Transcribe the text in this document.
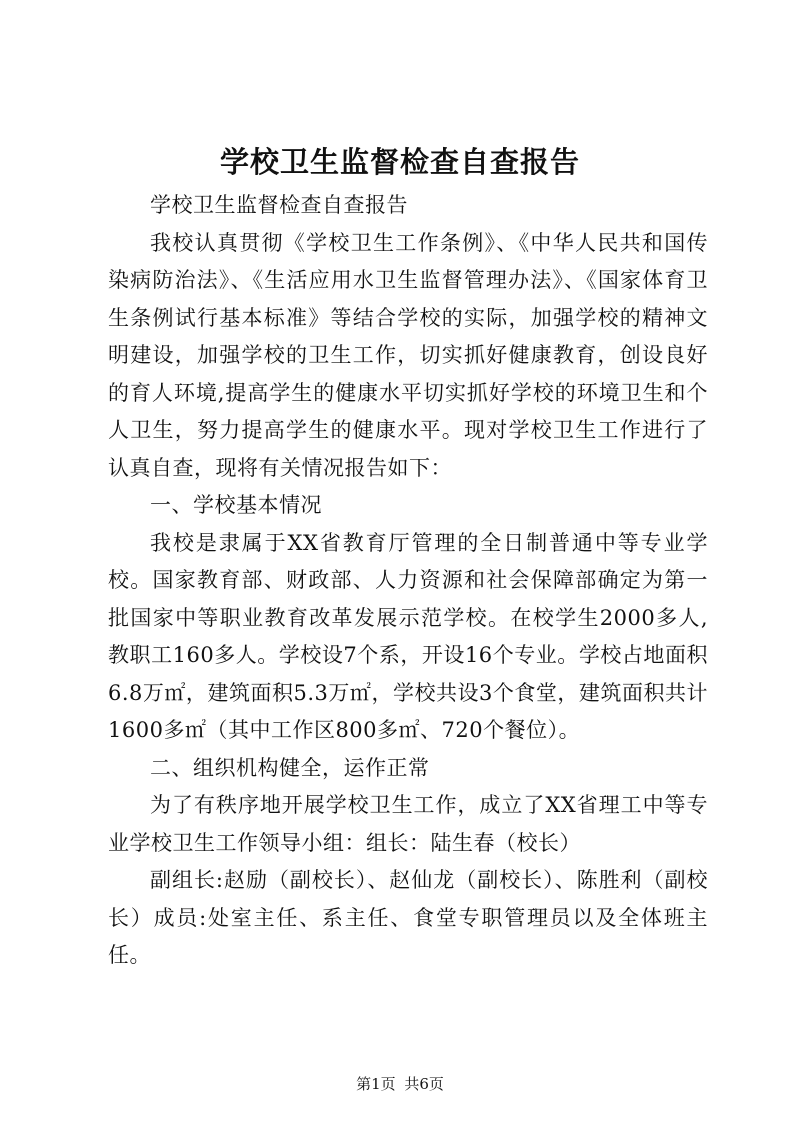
学校卫生监督检查自查报告

学校卫生监督检查自查报告

我校认真贯彻《学校卫生工作条例》、《中华人民共和国传染病防治法》、《生活应用水卫生监督管理办法》、《国家体育卫生条例试行基本标准》等结合学校的实际，加强学校的精神文明建设，加强学校的卫生工作，切实抓好健康教育，创设良好的育人环境,提高学生的健康水平切实抓好学校的环境卫生和个人卫生，努力提高学生的健康水平。现对学校卫生工作进行了认真自查，现将有关情况报告如下：

一、学校基本情况

我校是隶属于XX省教育厅管理的全日制普通中等专业学校。国家教育部、财政部、人力资源和社会保障部确定为第一批国家中等职业教育改革发展示范学校。在校学生2000多人,教职工160多人。学校设7个系，开设16个专业。学校占地面积6.8万㎡，建筑面积5.3万㎡，学校共设3个食堂，建筑面积共计1600多㎡（其中工作区800多㎡、720个餐位）。

二、组织机构健全，运作正常

为了有秩序地开展学校卫生工作，成立了XX省理工中等专业学校卫生工作领导小组：组长：陆生春（校长）

副组长:赵励（副校长）、赵仙龙（副校长）、陈胜利（副校长）成员:处室主任、系主任、食堂专职管理员以及全体班主任。

第1页 共6页
